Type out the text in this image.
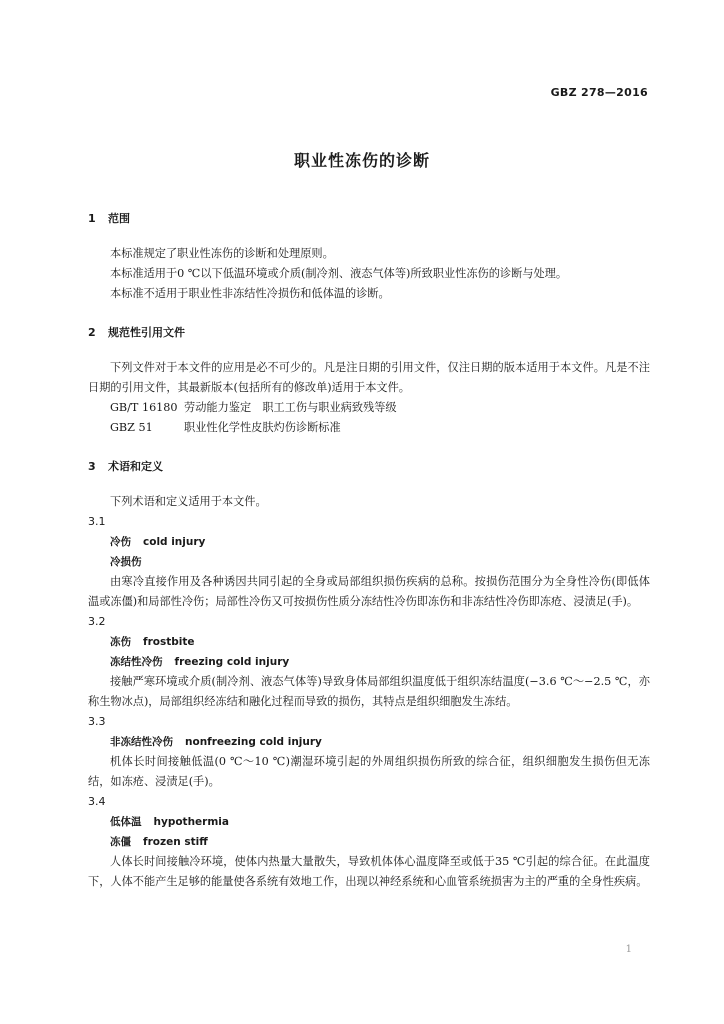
GBZ 278—2016
职业性冻伤的诊断
1 范围

本标准规定了职业性冻伤的诊断和处理原则。

本标准适用于0 ℃以下低温环境或介质(制冷剂、液态气体等)所致职业性冻伤的诊断与处理。

本标准不适用于职业性非冻结性冷损伤和低体温的诊断。

2 规范性引用文件

下列文件对于本文件的应用是必不可少的。凡是注日期的引用文件，仅注日期的版本适用于本文件。凡是不注日期的引用文件，其最新版本(包括所有的修改单)适用于本文件。

GB/T 16180 劳动能力鉴定　职工工伤与职业病致残等级

GBZ 51	职业性化学性皮肤灼伤诊断标准

3 术语和定义

下列术语和定义适用于本文件。

3.1

冷伤 cold injury

冷损伤

由寒冷直接作用及各种诱因共同引起的全身或局部组织损伤疾病的总称。按损伤范围分为全身性冷伤(即低体温或冻僵)和局部性冷伤；局部性冷伤又可按损伤性质分冻结性冷伤即冻伤和非冻结性冷伤即冻疮、浸渍足(手)。

3.2

冻伤 frostbite

冻结性冷伤 freezing cold injury

接触严寒环境或介质(制冷剂、液态气体等)导致身体局部组织温度低于组织冻结温度(−3.6 ℃～−2.5 ℃，亦称生物冰点)，局部组织经冻结和融化过程而导致的损伤，其特点是组织细胞发生冻结。

3.3

非冻结性冷伤 nonfreezing cold injury

机体长时间接触低温(0 ℃～10 ℃)潮湿环境引起的外周组织损伤所致的综合征，组织细胞发生损伤但无冻结，如冻疮、浸渍足(手)。

3.4

低体温 hypothermia

冻僵 frozen stiff

人体长时间接触冷环境，使体内热量大量散失，导致机体体心温度降至或低于35 ℃引起的综合征。在此温度下，人体不能产生足够的能量使各系统有效地工作，出现以神经系统和心血管系统损害为主的严重的全身性疾病。

1
